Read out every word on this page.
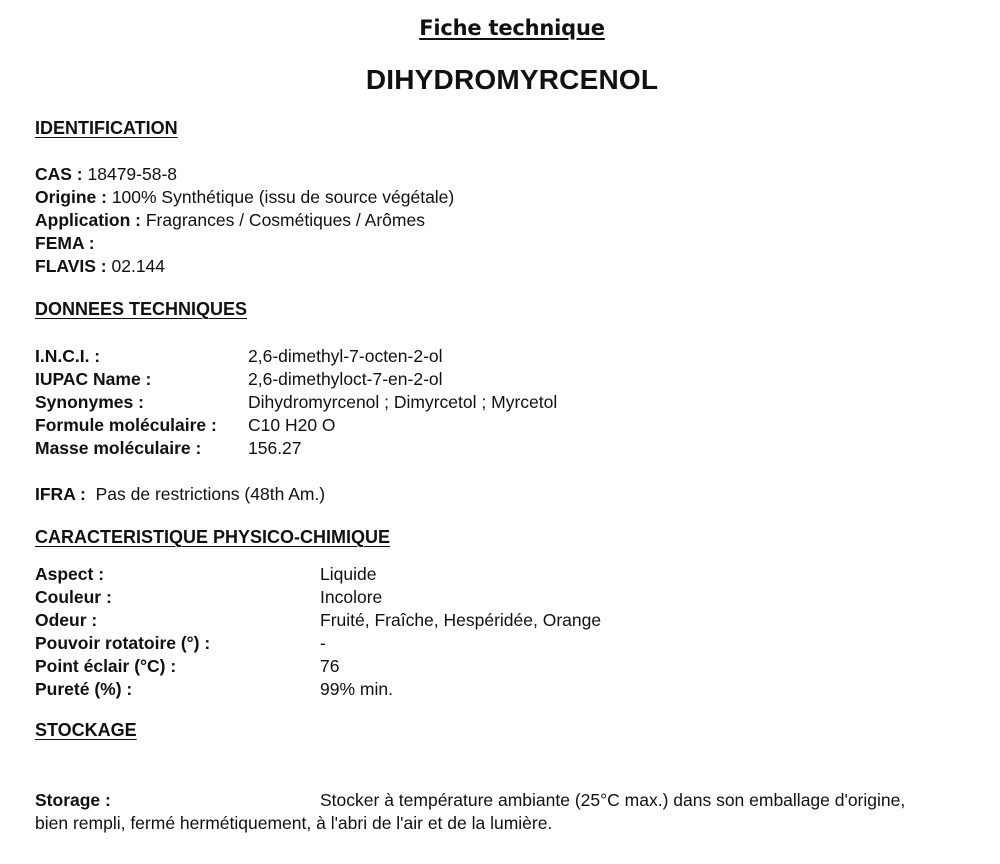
Fiche technique
DIHYDROMYRCENOL
IDENTIFICATION
CAS : 18479-58-8
Origine : 100% Synthétique (issu de source végétale)
Application : Fragrances / Cosmétiques / Arômes
FEMA :
FLAVIS : 02.144
DONNEES TECHNIQUES
I.N.C.I. :	2,6-dimethyl-7-octen-2-ol
IUPAC Name :	2,6-dimethyloct-7-en-2-ol
Synonymes :	Dihydromyrcenol ; Dimyrcetol ; Myrcetol
Formule moléculaire : C10 H20 O
Masse moléculaire :	156.27
IFRA :  Pas de restrictions (48th Am.)
CARACTERISTIQUE PHYSICO-CHIMIQUE
Aspect :	Liquide
Couleur :	Incolore
Odeur :	Fruité, Fraîche, Hespéridée, Orange
Pouvoir rotatoire (°) :	-
Point éclair (°C) :	76
Pureté (%) :	99% min.
STOCKAGE
Storage :	Stocker à température ambiante (25°C max.) dans son emballage d'origine,
bien rempli, fermé hermétiquement, à l'abri de l'air et de la lumière.
